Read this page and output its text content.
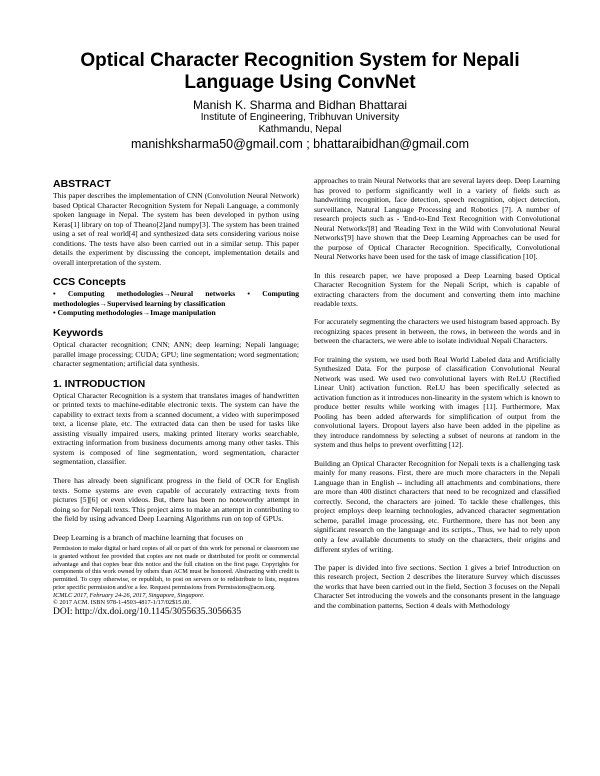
Optical Character Recognition System for Nepali Language Using ConvNet
Manish K. Sharma and Bidhan Bhattarai
Institute of Engineering, Tribhuvan University
Kathmandu, Nepal
manishksharma50@gmail.com ; bhattaraibidhan@gmail.com
ABSTRACT

This paper describes the implementation of CNN (Convolution Neural Network) based Optical Character Recognition System for Nepali Language, a commonly spoken language in Nepal. The system has been developed in python using Keras[1] library on top of Theano[2]and numpy[3]. The system has been trained using a set of real world[4] and synthesized data sets considering various noise conditions. The tests have also been carried out in a similar setup. This paper details the experiment by discussing the concept, implementation details and overall interpretation of the system.

CCS Concepts
• Computing methodologies→Neural networks • Computing methodologies→Supervised learning by classification
• Computing methodologies→Image manipulation
Keywords

Optical character recognition; CNN; ANN; deep learning; Nepali language; parallel image processing; CUDA; GPU; line segmentation; word segmentation; character segmentation; artificial data synthesis.

1. INTRODUCTION

Optical Character Recognition is a system that translates images of handwritten or printed texts to machine-editable electronic texts. The system can have the capability to extract texts from a scanned document, a video with superimposed text, a license plate, etc. The extracted data can then be used for tasks like assisting visually impaired users, making printed literary works searchable, extracting information from business documents among many other tasks. This system is composed of line segmentation, word segmentation, character segmentation, classifier.

There has already been significant progress in the field of OCR for English texts. Some systems are even capable of accurately extracting texts from pictures [5][6] or even videos. But, there has been no noteworthy attempt in doing so for Nepali texts. This project aims to make an attempt in contributing to the field by using advanced Deep Learning Algorithms run on top of GPUs.

Deep Learning is a branch of machine learning that focuses on

Permission to make digital or hard copies of all or part of this work for personal or classroom use is granted without fee provided that copies are not made or distributed for profit or commercial advantage and that copies bear this notice and the full citation on the first page. Copyrights for components of this work owned by others than ACM must be honored. Abstracting with credit is permitted. To copy otherwise, or republish, to post on servers or to redistribute to lists, requires prior specific permission and/or a fee. Request permissions from Permissions@acm.org.

ICMLC 2017, February 24-26, 2017, Singapore, Singapore.

© 2017 ACM. ISBN 978-1-4503-4817-1/17/02$15.00.

DOI: http://dx.doi.org/10.1145/3055635.3056635

approaches to train Neural Networks that are several layers deep. Deep Learning has proved to perform significantly well in a variety of fields such as handwriting recognition, face detection, speech recognition, object detection, surveillance, Natural Language Processing and Robotics [7]. A number of research projects such as - 'End-to-End Text Recognition with Convolutional Neural Networks'[8] and 'Reading Text in the Wild with Convolutional Neural Networks'[9] have shown that the Deep Learning Approaches can be used for the purpose of Optical Character Recognition. Specifically, Convolutional Neural Networks have been used for the task of image classification [10].

In this research paper, we have proposed a Deep Learning based Optical Character Recognition System for the Nepali Script, which is capable of extracting characters from the document and converting them into machine readable texts.

For accurately segmenting the characters we used histogram based approach. By recognizing spaces present in between, the rows, in between the words and in between the characters, we were able to isolate individual Nepali Characters.

For training the system, we used both Real World Labeled data and Artificially Synthesized Data. For the purpose of classification Convolutional Neural Network was used. We used two convolutional layers with ReLU (Rectified Linear Unit) activation function. ReLU has been specifically selected as activation function as it introduces non-linearity in the system which is known to produce better results while working with images [11]. Furthermore, Max Pooling has been added afterwards for simplification of output from the convolutional layers. Dropout layers also have been added in the pipeline as they introduce randomness by selecting a subset of neurons at random in the system and thus helps to prevent overfitting [12].

Building an Optical Character Recognition for Nepali texts is a challenging task mainly for many reasons. First, there are much more characters in the Nepali Language than in English -- including all attachments and combinations, there are more than 400 distinct characters that need to be recognized and classified correctly. Second, the characters are joined. To tackle these challenges, this project employs deep learning technologies, advanced character segmentation scheme, parallel image processing, etc. Furthermore, there has not been any significant research on the language and its scripts., Thus, we had to rely upon only a few available documents to study on the characters, their origins and different styles of writing.

The paper is divided into five sections. Section 1 gives a brief Introduction on this research project, Section 2 describes the literature Survey which discusses the works that have been carried out in the field, Section 3 focuses on the Nepali Character Set introducing the vowels and the consonants present in the language and the combination patterns, Section 4 deals with Methodology
